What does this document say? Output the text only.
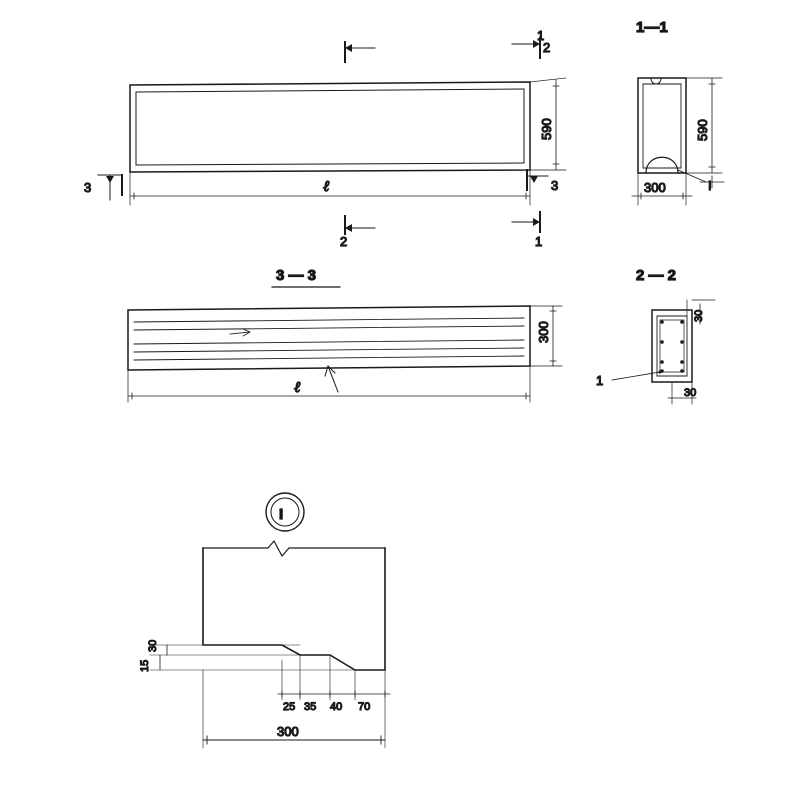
2
1
3	3
2	1
590
ℓ
1—1
590
300	I
3 — 3
300
ℓ
2 — 2
30
30
1
I
30
15
25 35 40 70
300
